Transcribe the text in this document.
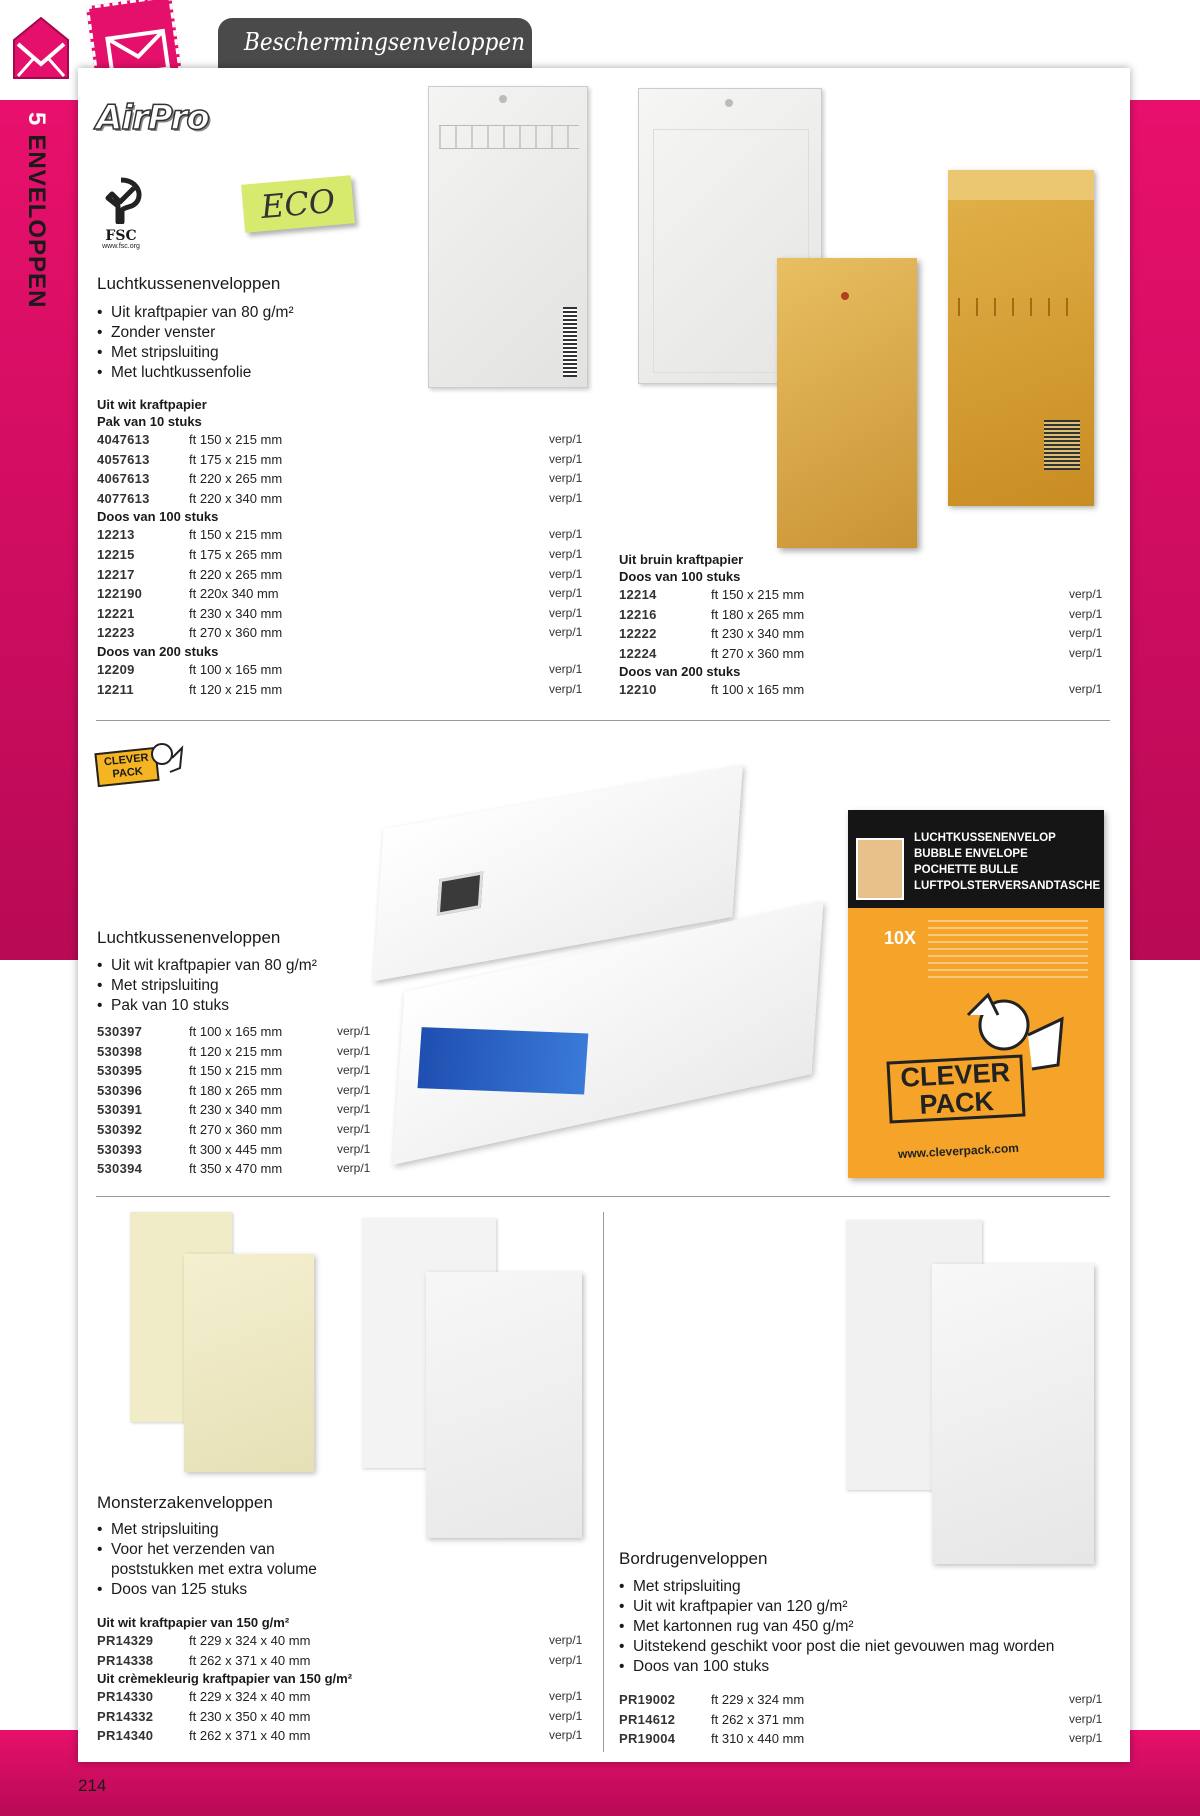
Beschermingsenveloppen
5ENVELOPPEN
214
AirPro
FSC
www.fsc.org
ECO
Luchtkussenenveloppen
• Uit kraftpapier van 80 g/m²
• Zonder venster
• Met stripsluiting
• Met luchtkussenfolie
Uit wit kraftpapier
Pak van 10 stuks
4047613	ft 150 x 215 mm	verp/1
4057613	ft 175 x 215 mm	verp/1
4067613	ft 220 x 265 mm	verp/1
4077613	ft 220 x 340 mm	verp/1
Doos van 100 stuks
12213	ft 150 x 215 mm	verp/1
12215	ft 175 x 265 mm	verp/1
12217	ft 220 x 265 mm	verp/1
122190	ft 220x 340 mm	verp/1
12221	ft 230 x 340 mm	verp/1
12223	ft 270 x 360 mm	verp/1
Doos van 200 stuks
12209	ft 100 x 165 mm	verp/1
12211	ft 120 x 215 mm	verp/1
Uit bruin kraftpapier
Doos van 100 stuks
12214	ft 150 x 215 mm	verp/1
12216	ft 180 x 265 mm	verp/1
12222	ft 230 x 340 mm	verp/1
12224	ft 270 x 360 mm	verp/1
Doos van 200 stuks
12210	ft 100 x 165 mm	verp/1
CLEVER PACK
LUCHTKUSSENENVELOP
BUBBLE ENVELOPE
POCHETTE BULLE
LUFTPOLSTERVERSANDTASCHE
10X
CLEVER
PACK
www.cleverpack.com
Luchtkussenenveloppen
• Uit wit kraftpapier van 80 g/m²
• Met stripsluiting
• Pak van 10 stuks
530397	ft 100 x 165 mm	verp/1
530398	ft 120 x 215 mm	verp/1
530395	ft 150 x 215 mm	verp/1
530396	ft 180 x 265 mm	verp/1
530391	ft 230 x 340 mm	verp/1
530392	ft 270 x 360 mm	verp/1
530393	ft 300 x 445 mm	verp/1
530394	ft 350 x 470 mm	verp/1
Monsterzakenveloppen
• Met stripsluiting
• Voor het verzenden van poststukken met extra volume
• Doos van 125 stuks
Uit wit kraftpapier van 150 g/m²
PR14329	ft 229 x 324 x 40 mm	verp/1
PR14338	ft 262 x 371 x 40 mm	verp/1
Uit crèmekleurig kraftpapier van 150 g/m²
PR14330	ft 229 x 324 x 40 mm	verp/1
PR14332	ft 230 x 350 x 40 mm	verp/1
PR14340	ft 262 x 371 x 40 mm	verp/1
Bordrugenveloppen
• Met stripsluiting
• Uit wit kraftpapier van 120 g/m²
• Met kartonnen rug van 450 g/m²
• Uitstekend geschikt voor post die niet gevouwen mag worden
• Doos van 100 stuks
PR19002	ft 229 x 324 mm	verp/1
PR14612	ft 262 x 371 mm	verp/1
PR19004	ft 310 x 440 mm	verp/1
